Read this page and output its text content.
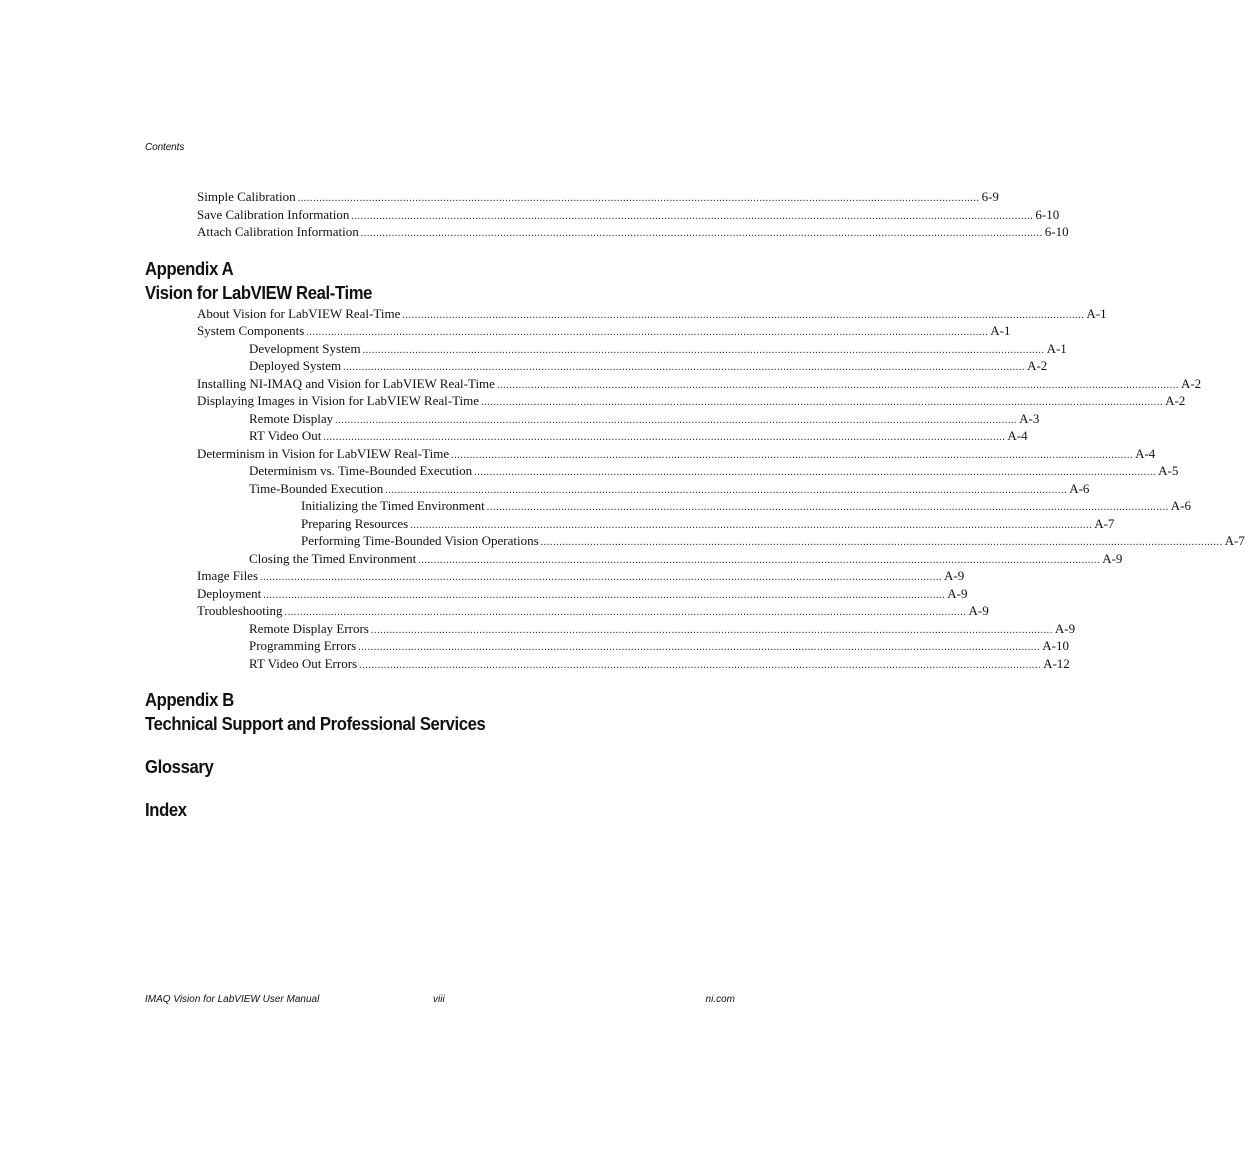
Contents
Simple Calibration ............................................................................................................................................................................................................................ 6-9
Save Calibration Information ............................................................................................................................................................................................................................ 6-10
Attach Calibration Information ............................................................................................................................................................................................................................ 6-10
Appendix A
Vision for LabVIEW Real-Time
About Vision for LabVIEW Real-Time ............................................................................................................................................................................................................................ A-1
System Components ............................................................................................................................................................................................................................ A-1
Development System ............................................................................................................................................................................................................................ A-1
Deployed System ............................................................................................................................................................................................................................ A-2
Installing NI-IMAQ and Vision for LabVIEW Real-Time ............................................................................................................................................................................................................................ A-2
Displaying Images in Vision for LabVIEW Real-Time ............................................................................................................................................................................................................................ A-2
Remote Display ............................................................................................................................................................................................................................ A-3
RT Video Out ............................................................................................................................................................................................................................ A-4
Determinism in Vision for LabVIEW Real-Time ............................................................................................................................................................................................................................ A-4
Determinism vs. Time-Bounded Execution ............................................................................................................................................................................................................................ A-5
Time-Bounded Execution ............................................................................................................................................................................................................................ A-6
Initializing the Timed Environment ............................................................................................................................................................................................................................ A-6
Preparing Resources ............................................................................................................................................................................................................................ A-7
Performing Time-Bounded Vision Operations ............................................................................................................................................................................................................................ A-7
Closing the Timed Environment ............................................................................................................................................................................................................................ A-9
Image Files ............................................................................................................................................................................................................................ A-9
Deployment ............................................................................................................................................................................................................................ A-9
Troubleshooting ............................................................................................................................................................................................................................ A-9
Remote Display Errors ............................................................................................................................................................................................................................ A-9
Programming Errors ............................................................................................................................................................................................................................ A-10
RT Video Out Errors ............................................................................................................................................................................................................................ A-12
Appendix B
Technical Support and Professional Services
Glossary
Index
IMAQ Vision for LabVIEW User Manual	viii	ni.com
